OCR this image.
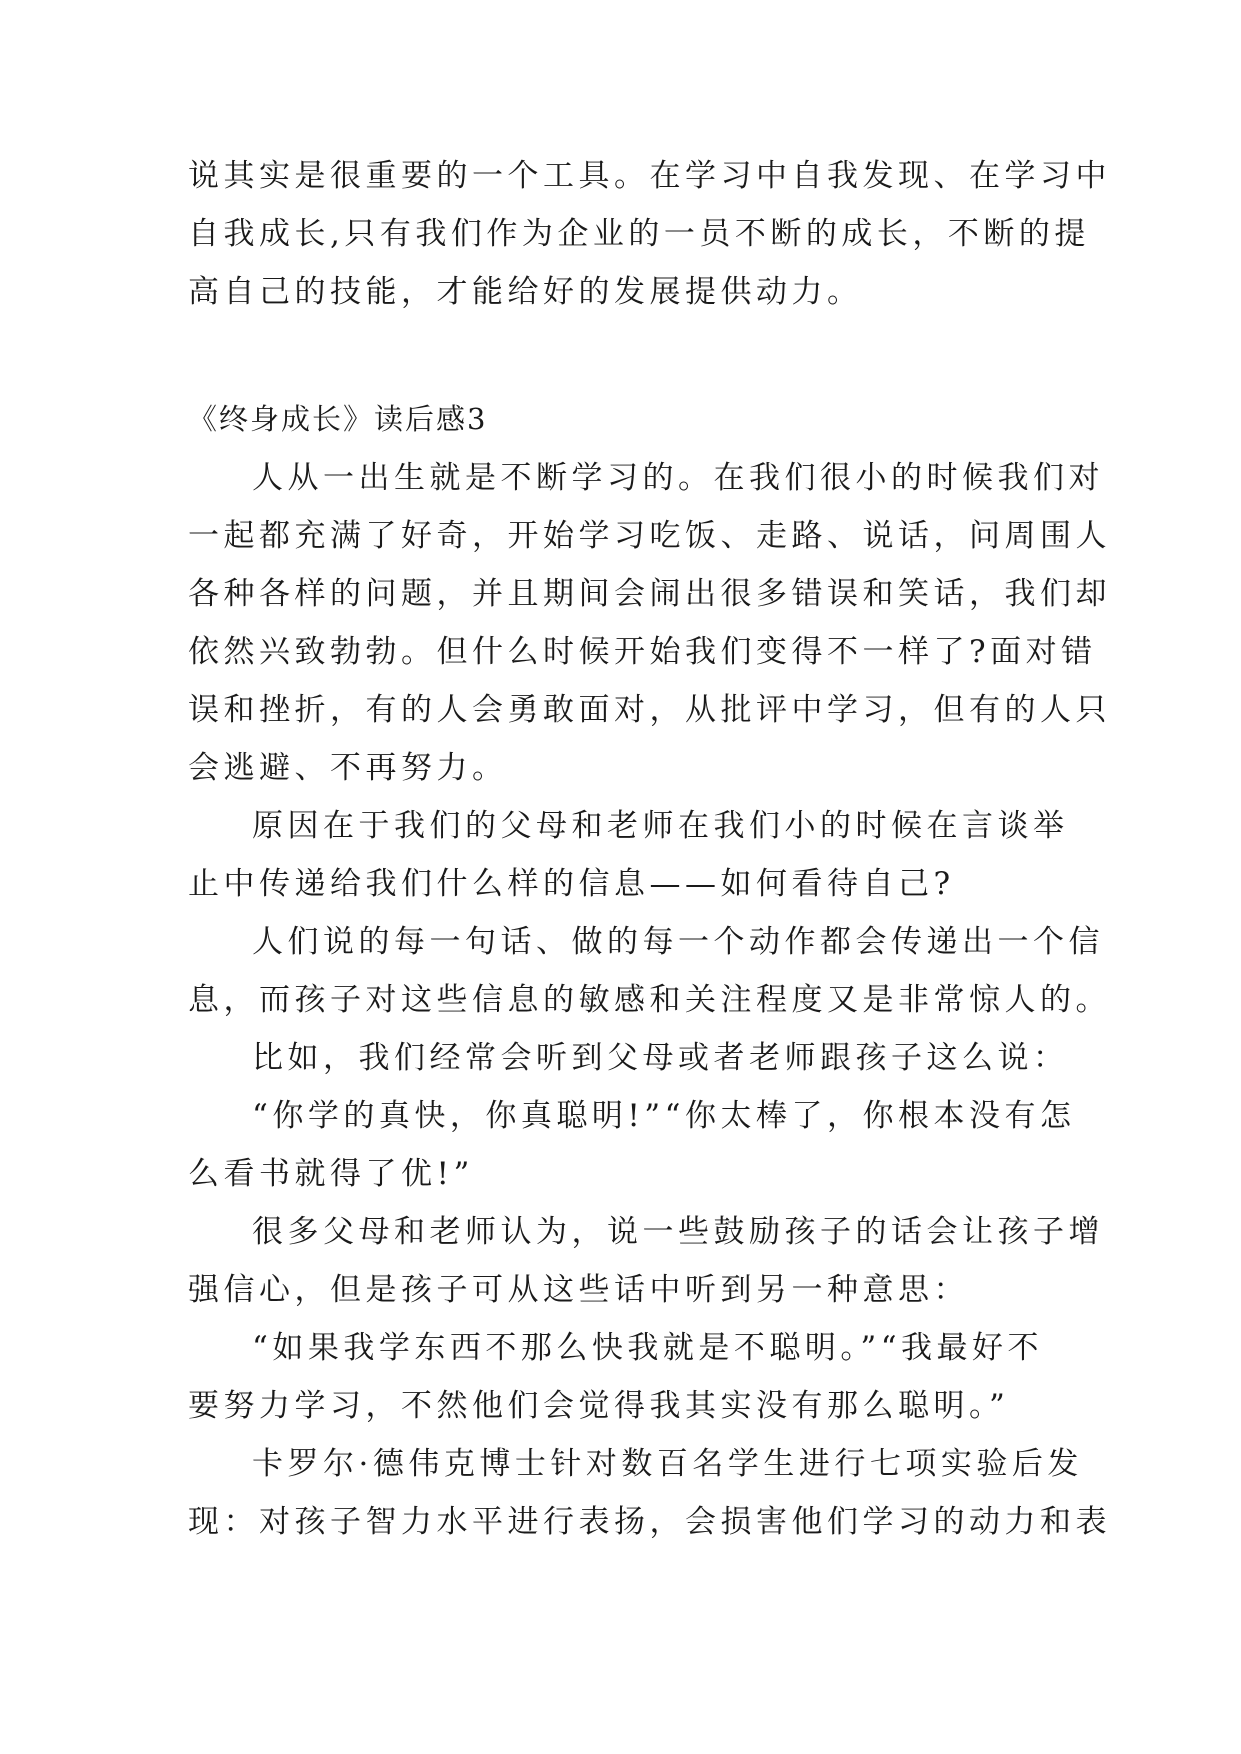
说其实是很重要的一个工具。在学习中自我发现、在学习中
自我成长,只有我们作为企业的一员不断的成长，不断的提
高自己的技能，才能给好的发展提供动力。
《终身成长》读后感3
人从一出生就是不断学习的。在我们很小的时候我们对
一起都充满了好奇，开始学习吃饭、走路、说话，问周围人
各种各样的问题，并且期间会闹出很多错误和笑话，我们却
依然兴致勃勃。但什么时候开始我们变得不一样了?面对错
误和挫折，有的人会勇敢面对，从批评中学习，但有的人只
会逃避、不再努力。
原因在于我们的父母和老师在我们小的时候在言谈举
止中传递给我们什么样的信息——如何看待自己?
人们说的每一句话、做的每一个动作都会传递出一个信
息，而孩子对这些信息的敏感和关注程度又是非常惊人的。
比如，我们经常会听到父母或者老师跟孩子这么说：
“你学的真快，你真聪明!”“你太棒了，你根本没有怎
么看书就得了优!”
很多父母和老师认为，说一些鼓励孩子的话会让孩子增
强信心，但是孩子可从这些话中听到另一种意思：
“如果我学东西不那么快我就是不聪明。”“我最好不
要努力学习，不然他们会觉得我其实没有那么聪明。”
卡罗尔·德伟克博士针对数百名学生进行七项实验后发
现：对孩子智力水平进行表扬，会损害他们学习的动力和表
